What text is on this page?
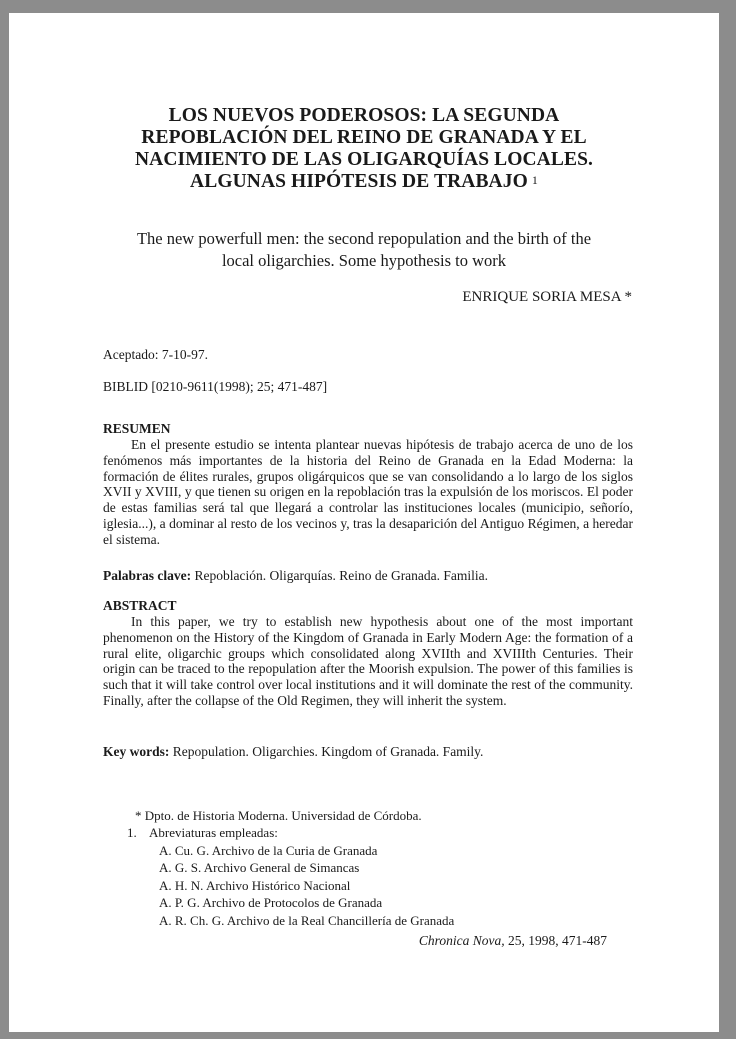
LOS NUEVOS PODEROSOS: LA SEGUNDA
REPOBLACIÓN DEL REINO DE GRANADA Y EL
NACIMIENTO DE LAS OLIGARQUÍAS LOCALES.
ALGUNAS HIPÓTESIS DE TRABAJO $^1$
The new powerfull men: the second repopulation and the birth of the
local oligarchies. Some hypothesis to work
ENRIQUE SORIA MESA *
Aceptado: 7-10-97.
BIBLID [0210-9611(1998); 25; 471-487]
RESUMEN
En el presente estudio se intenta plantear nuevas hipótesis de trabajo acerca de uno de los fenómenos más importantes de la historia del Reino de Granada en la Edad Moderna: la formación de élites rurales, grupos oligárquicos que se van consolidando a lo largo de los siglos XVII y XVIII, y que tienen su origen en la repoblación tras la expulsión de los moriscos. El poder de estas familias será tal que llegará a controlar las instituciones locales (municipio, señorío, iglesia...), a dominar al resto de los vecinos y, tras la desaparición del Antiguo Régimen, a heredar el sistema.
Palabras clave: Repoblación. Oligarquías. Reino de Granada. Familia.
ABSTRACT
In this paper, we try to establish new hypothesis about one of the most important phenomenon on the History of the Kingdom of Granada in Early Modern Age: the formation of a rural elite, oligarchic groups which consolidated along XVIIth and XVIIIth Centuries. Their origin can be traced to the repopulation after the Moorish expulsion. The power of this families is such that it will take control over local institutions and it will dominate the rest of the community. Finally, after the collapse of the Old Regimen, they will inherit the system.
Key words: Repopulation. Oligarchies. Kingdom of Granada. Family.
* Dpto. de Historia Moderna. Universidad de Córdoba.
1. Abreviaturas empleadas:
A. Cu. G. Archivo de la Curia de Granada
A. G. S. Archivo General de Simancas
A. H. N. Archivo Histórico Nacional
A. P. G. Archivo de Protocolos de Granada
A. R. Ch. G. Archivo de la Real Chancillería de Granada
Chronica Nova, 25, 1998, 471-487
